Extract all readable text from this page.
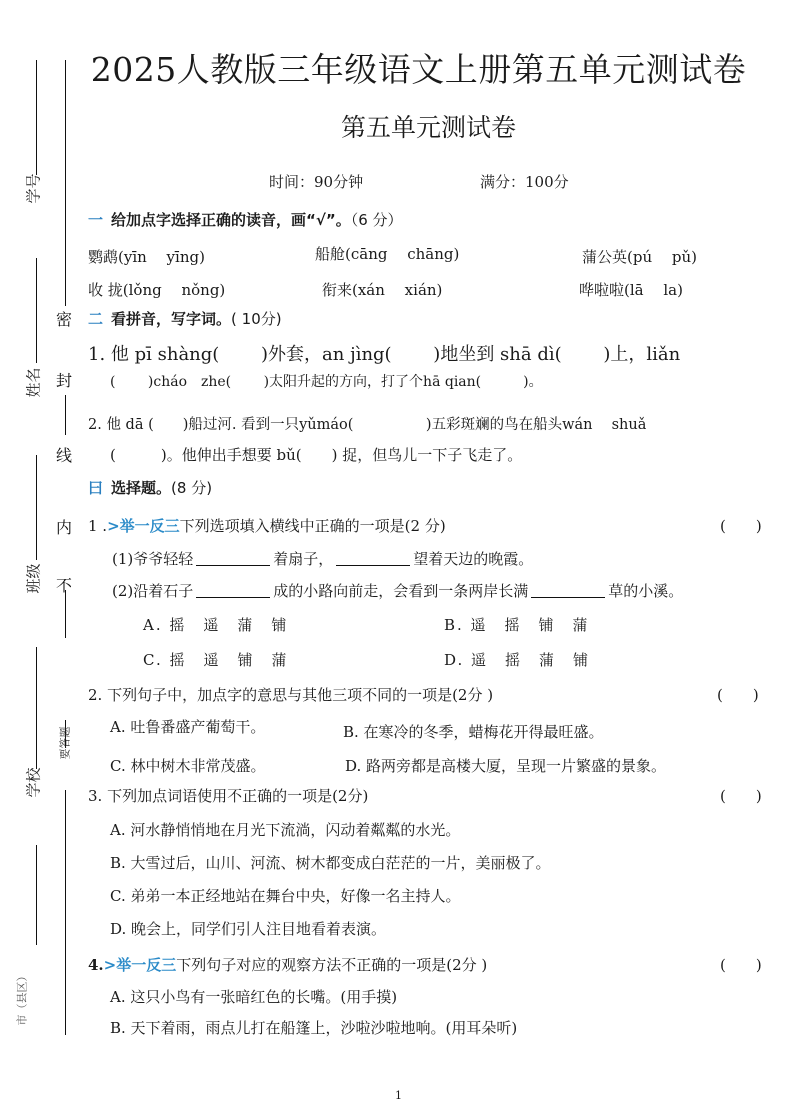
学号
姓名
班级
学校
市（县区）
密
封
线
内
不
要答题
2025人教版三年级语文上册第五单元测试卷
第五单元测试卷
时间：90分钟	满分：100分
一 给加点字选择正确的读音，画“√”。（6 分）
鹦鹉(yīn　 yīng)	船舱(cāng　 chāng)	蒲公英(pú　 pǔ)
收 拢(lǒng　 nǒng)	衔来(xán　 xián)	哗啦啦(lā　 la)
二 看拼音，写字词。( 10分)
1. 他 pī shàng(　　 )外套，an jìng(　　 )地坐到 shā dì(　　 )上，liǎn
(　　 )cháo　zhe(　　 )太阳升起的方向，打了个hā qian(　　　)。
2. 他 dā (　　)船过河. 看到一只yǔmáo(　　　　　)五彩斑斓的鸟在船头wán　 shuǎ
(　　　)。他伸出手想要 bǔ(　　) 捉，但鸟儿一下子飞走了。
曰 选择题。(8 分)
1 .>举一反三下列选项填入横线中正确的一项是(2 分)	(　　)
(1)爷爷轻轻	着扇子，	望着天边的晚霞。
(2)沿着石子	成的小路向前走，会看到一条两岸长满	草的小溪。
A. 摇　遥　蒲　铺	B. 遥　摇　铺　蒲
C. 摇　遥　铺　蒲	D. 遥　摇　蒲　铺
2. 下列句子中，加点字的意思与其他三项不同的一项是(2分 )	(　　)
A. 吐鲁番盛产葡萄干。	B. 在寒冷的冬季，蜡梅花开得最旺盛。
C. 林中树木非常茂盛。	D. 路两旁都是高楼大厦，呈现一片繁盛的景象。
3. 下列加点词语使用不正确的一项是(2分)	(　　)
A. 河水静悄悄地在月光下流淌，闪动着粼粼的水光。
B. 大雪过后，山川、河流、树木都变成白茫茫的一片，美丽极了。
C. 弟弟一本正经地站在舞台中央，好像一名主持人。
D. 晚会上，同学们引人注目地看着表演。
4.>举一反三下列句子对应的观察方法不正确的一项是(2分 )	(　　)
A. 这只小鸟有一张暗红色的长嘴。(用手摸)
B. 天下着雨，雨点儿打在船篷上，沙啦沙啦地响。(用耳朵听)
1
